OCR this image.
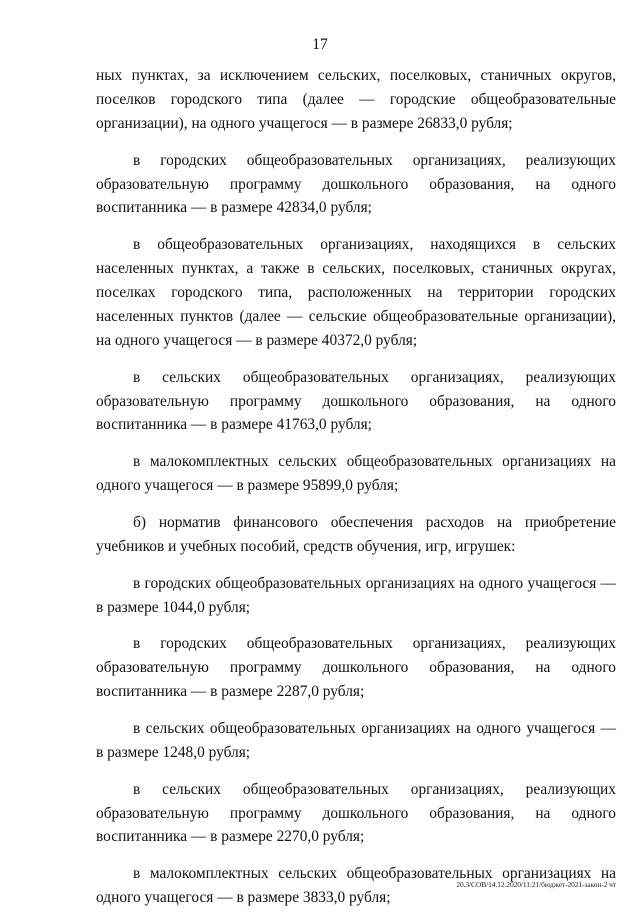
17

ных пунктах, за исключением сельских, поселковых, станичных округов, поселков городского типа (далее — городские общеобразовательные организации), на одного учащегося — в размере 26833,0 рубля;

в городских общеобразовательных организациях, реализующих образовательную программу дошкольного образования, на одного воспитанника — в размере 42834,0 рубля;

в общеобразовательных организациях, находящихся в сельских населенных пунктах, а также в сельских, поселковых, станичных округах, поселках городского типа, расположенных на территории городских населенных пунктов (далее — сельские общеобразовательные организации), на одного учащегося — в размере 40372,0 рубля;

в сельских общеобразовательных организациях, реализующих образовательную программу дошкольного образования, на одного воспитанника — в размере 41763,0 рубля;

в малокомплектных сельских общеобразовательных организациях на одного учащегося — в размере 95899,0 рубля;

б) норматив финансового обеспечения расходов на приобретение учебников и учебных пособий, средств обучения, игр, игрушек:

в городских общеобразовательных организациях на одного учащегося — в размере 1044,0 рубля;

в городских общеобразовательных организациях, реализующих образовательную программу дошкольного образования, на одного воспитанника — в размере 2287,0 рубля;

в сельских общеобразовательных организациях на одного учащегося — в размере 1248,0 рубля;

в сельских общеобразовательных организациях, реализующих образовательную программу дошкольного образования, на одного воспитанника — в размере 2270,0 рубля;

в малокомплектных сельских общеобразовательных организациях на одного учащегося — в размере 3833,0 рубля;

20.3/СОВ/14.12.2020/11:21/бюджет-2021-закон-2 чт
